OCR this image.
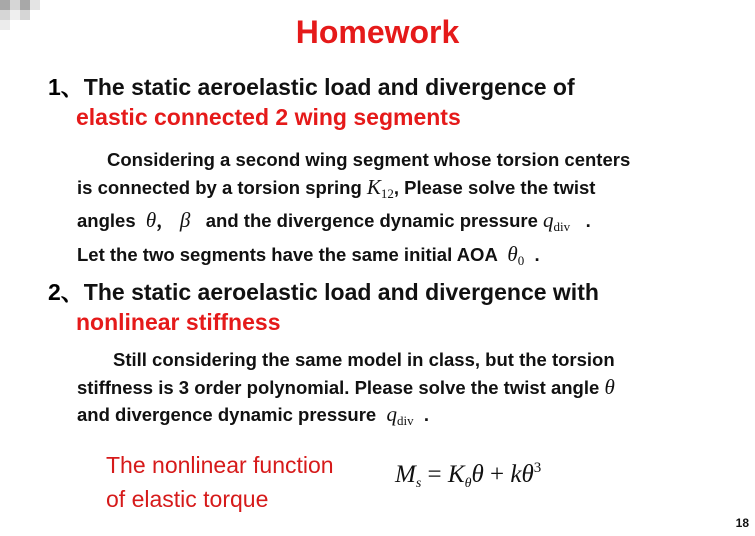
Homework
1、The static aeroelastic load and divergence of
elastic connected 2 wing segments
Considering a second wing segment whose torsion centers
is connected by a torsion spring $K_{12}$, Please solve the twist
angles θ， β and the divergence dynamic pressure $q_{div}$ .
Let the two segments have the same initial AOA $\theta_0$ .
2、The static aeroelastic load and divergence with
nonlinear stiffness
Still considering the same model in class, but the torsion
stiffness is 3 order polynomial. Please solve the twist angle θ
and divergence dynamic pressure $q_{div}$ .
The nonlinear function
of elastic torque
$M_s = K_\theta\theta + k\theta^3$
18
